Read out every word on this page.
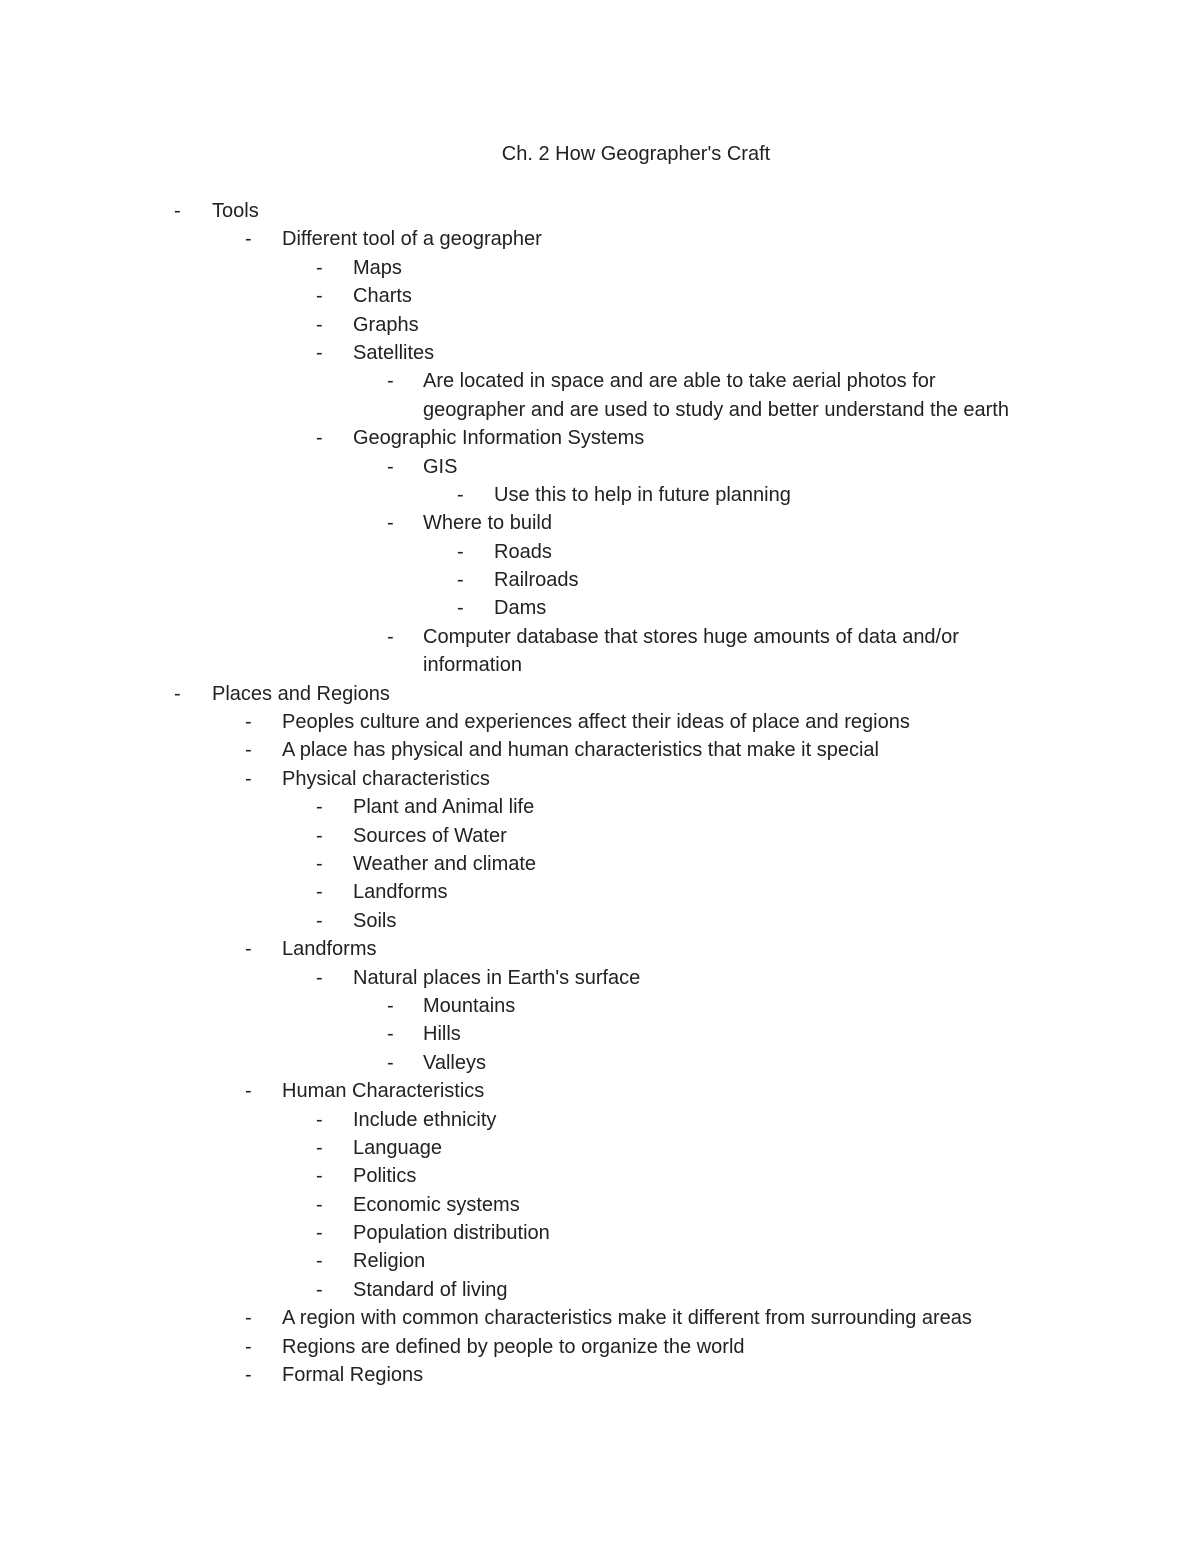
Ch. 2 How Geographer's Craft
- Tools
- Different tool of a geographer
- Maps
- Charts
- Graphs
- Satellites
- Are located in space and are able to take aerial photos for
geographer and are used to study and better understand the earth
- Geographic Information Systems
- GIS
- Use this to help in future planning
- Where to build
- Roads
- Railroads
- Dams
- Computer database that stores huge amounts of data and/or
information
- Places and Regions
- Peoples culture and experiences affect their ideas of place and regions
- A place has physical and human characteristics that make it special
- Physical characteristics
- Plant and Animal life
- Sources of Water
- Weather and climate
- Landforms
- Soils
- Landforms
- Natural places in Earth's surface
- Mountains
- Hills
- Valleys
- Human Characteristics
- Include ethnicity
- Language
- Politics
- Economic systems
- Population distribution
- Religion
- Standard of living
- A region with common characteristics make it different from surrounding areas
- Regions are defined by people to organize the world
- Formal Regions
